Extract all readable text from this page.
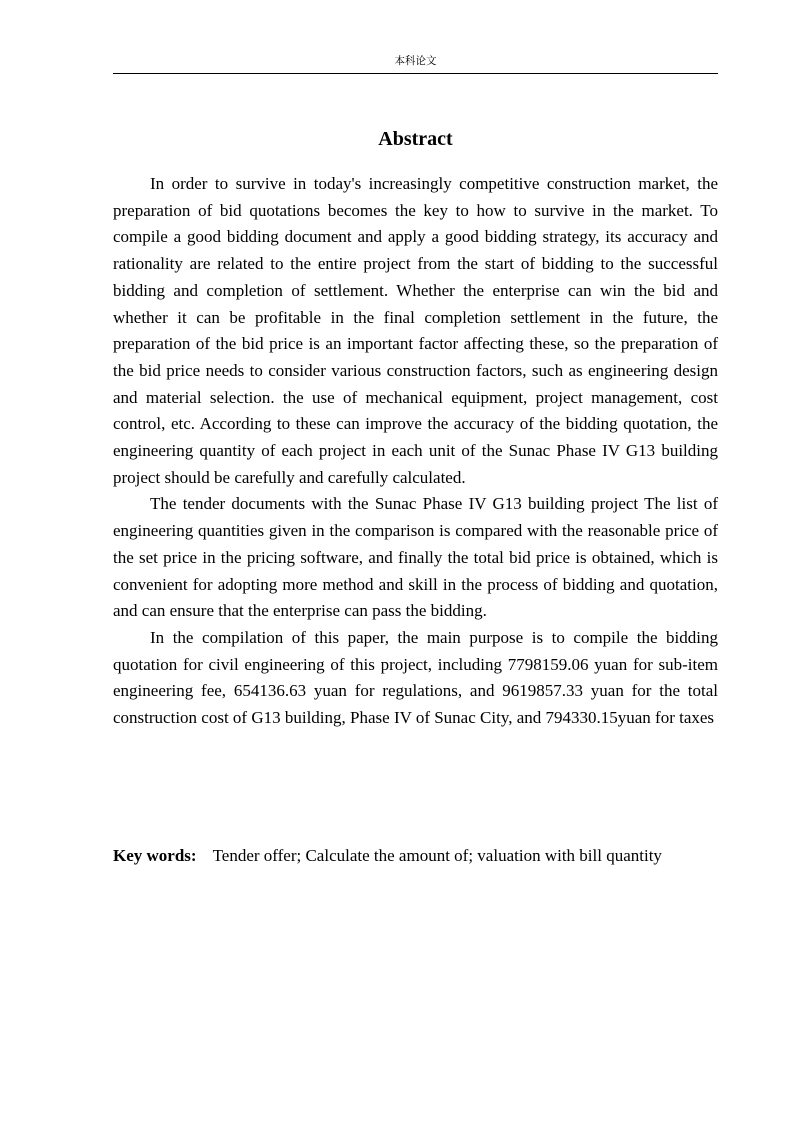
本科论文
Abstract

In order to survive in today's increasingly competitive construction market, the preparation of bid quotations becomes the key to how to survive in the market. To compile a good bidding document and apply a good bidding strategy, its accuracy and rationality are related to the entire project from the start of bidding to the successful bidding and completion of settlement. Whether the enterprise can win the bid and whether it can be profitable in the final completion settlement in the future, the preparation of the bid price is an important factor affecting these, so the preparation of the bid price needs to consider various construction factors, such as engineering design and material selection. the use of mechanical equipment, project management, cost control, etc. According to these can improve the accuracy of the bidding quotation, the engineering quantity of each project in each unit of the Sunac Phase IV G13 building project should be carefully and carefully calculated.

The tender documents with the Sunac Phase IV G13 building project The list of engineering quantities given in the comparison is compared with the reasonable price of the set price in the pricing software, and finally the total bid price is obtained, which is convenient for adopting more method and skill in the process of bidding and quotation, and can ensure that the enterprise can pass the bidding.

In the compilation of this paper, the main purpose is to compile the bidding quotation for civil engineering of this project, including 7798159.06 yuan for sub-item engineering fee, 654136.63 yuan for regulations, and 9619857.33 yuan for the total construction cost of G13 building, Phase IV of Sunac City, and 794330.15yuan for taxes

Key words: Tender offer; Calculate the amount of; valuation with bill quantity
